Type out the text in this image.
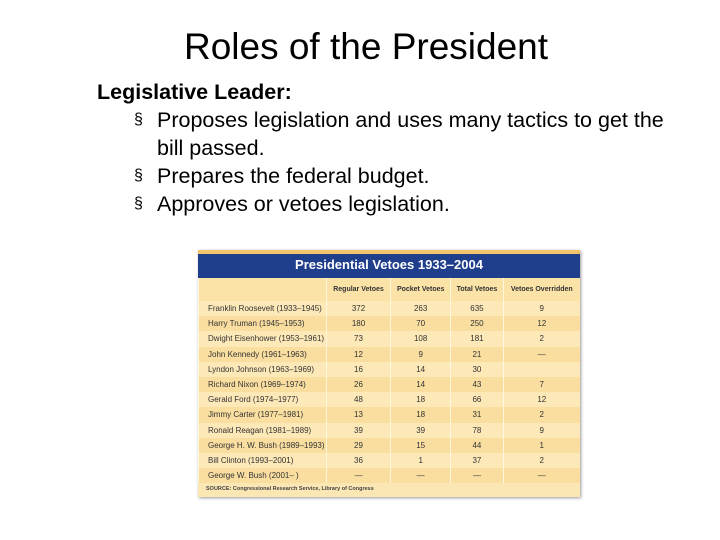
Roles of the President
Legislative Leader:
§ Proposes legislation and uses many tactics to get the bill passed.
§ Prepares the federal budget.
§ Approves or vetoes legislation.
Presidential Vetoes 1933–2004
	Regular Vetoes	Pocket Vetoes	Total Vetoes	Vetoes Overridden
Franklin Roosevelt (1933–1945)	372	263	635	9
Harry Truman (1945–1953)	180	70	250	12
Dwight Eisenhower (1953–1961)	73	108	181	2
John Kennedy (1961–1963)	12	9	21	—
Lyndon Johnson (1963–1969)	16	14	30	
Richard Nixon (1969–1974)	26	14	43	7
Gerald Ford (1974–1977)	48	18	66	12
Jimmy Carter (1977–1981)	13	18	31	2
Ronald Reagan (1981–1989)	39	39	78	9
George H. W. Bush (1989–1993)	29	15	44	1
Bill Clinton (1993–2001)	36	1	37	2
George W. Bush (2001– )	—	—	—	—
SOURCE: Congressional Research Service, Library of Congress
